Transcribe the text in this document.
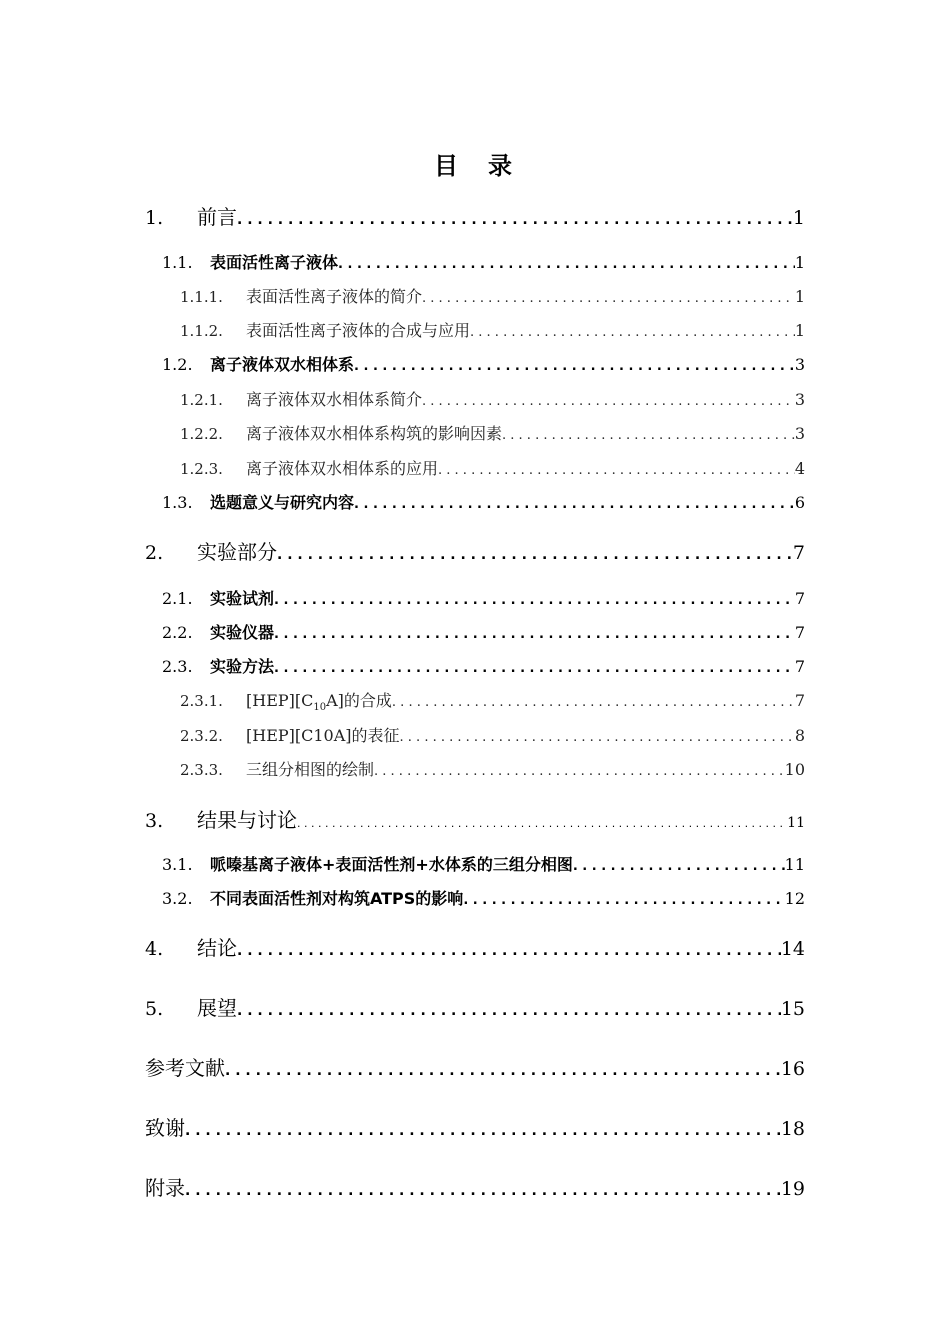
目 录
1.	前言 . . .	1
1.1.	表面活性离子液体 . . .	1
1.1.1.	表面活性离子液体的简介 . . .	1
1.1.2.	表面活性离子液体的合成与应用 . . .	1
1.2.	离子液体双水相体系 . . .	3
1.2.1.	离子液体双水相体系简介 . . .	3
1.2.2.	离子液体双水相体系构筑的影响因素 . . .	3
1.2.3.	离子液体双水相体系的应用 . . .	4
1.3.	选题意义与研究内容 . . .	6
2.	实验部分 . . .	7
2.1.	实验试剂 . . .	7
2.2.	实验仪器 . . .	7
2.3.	实验方法 . . .	7
2.3.1.	$[HEP][C_{10}A]$的合成 . . .	7
2.3.2.	[HEP][C10A]的表征 . . .	8
2.3.3.	三组分相图的绘制 . . .	10
3.	结果与讨论 . . .	11
3.1.	哌嗪基离子液体+表面活性剂+水体系的三组分相图 . . .	11
3.2.	不同表面活性剂对构筑ATPS的影响 . . .	12
4.	结论 . . .	14
5.	展望 . . .	15
参考文献 . . .	16
致谢 . . .	18
附录 . . .	19
